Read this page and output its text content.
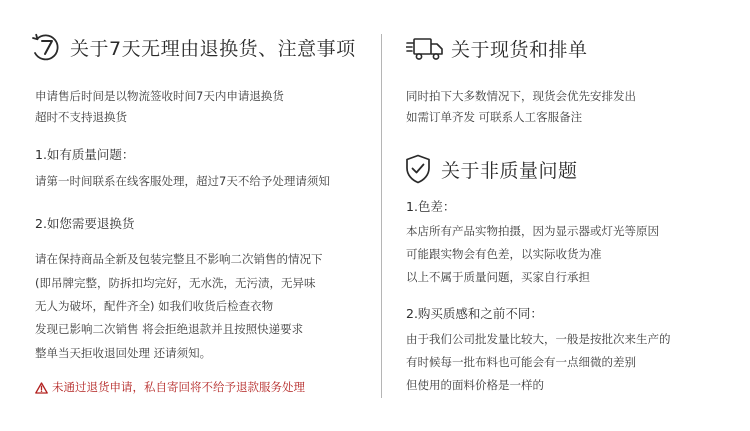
关于7天无理由退换货、注意事项
申请售后时间是以物流签收时间7天内申请退换货
超时不支持退换货
1.如有质量问题：
请第一时间联系在线客服处理，超过7天不给予处理请须知
2.如您需要退换货
请在保持商品全新及包装完整且不影响二次销售的情况下
(即吊牌完整，防拆扣均完好，无水洗，无污渍，无异味
无人为破坏，配件齐全) 如我们收货后检查衣物
发现已影响二次销售 将会拒绝退款并且按照快递要求
整单当天拒收退回处理 还请须知。
未通过退货申请，私自寄回将不给予退款服务处理
关于现货和排单
同时拍下大多数情况下，现货会优先安排发出
如需订单齐发 可联系人工客服备注
关于非质量问题
1.色差：
本店所有产品实物拍摄，因为显示器或灯光等原因
可能跟实物会有色差，以实际收货为准
以上不属于质量问题，买家自行承担
2.购买质感和之前不同：
由于我们公司批发量比较大，一般是按批次来生产的
有时候每一批布料也可能会有一点细微的差别
但使用的面料价格是一样的
